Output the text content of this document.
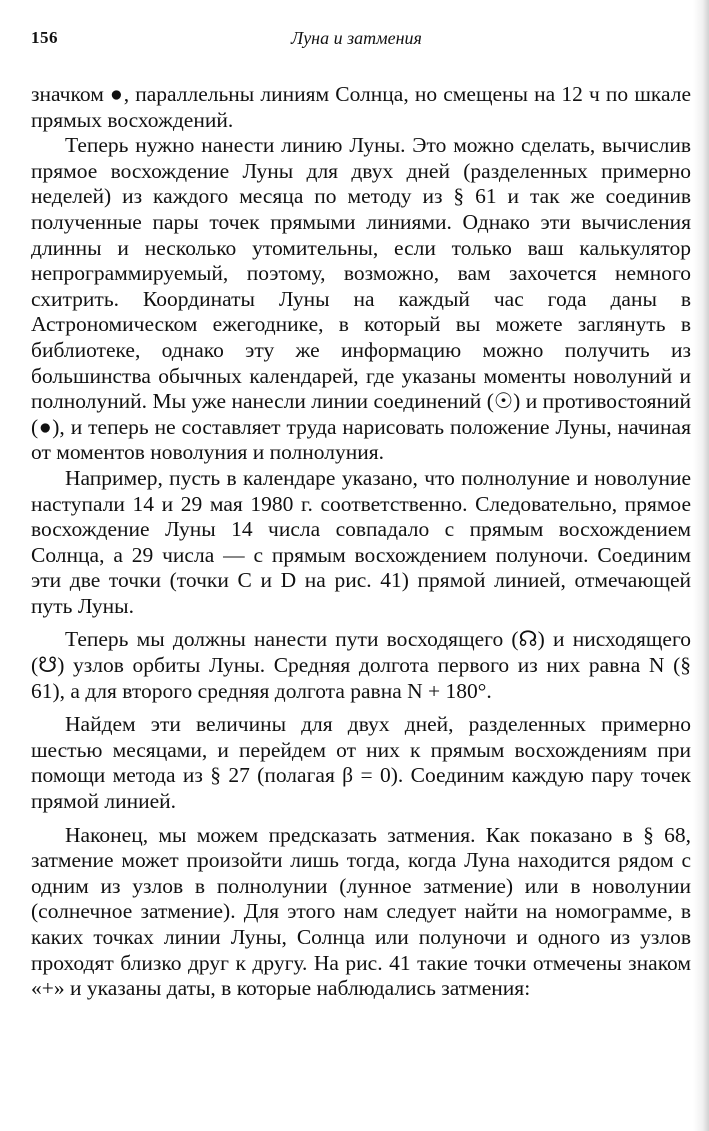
156	Луна и затмения

значком ●, параллельны линиям Солнца, но смещены на 12 ч по шкале прямых восхождений.

Теперь нужно нанести линию Луны. Это можно сделать, вычислив прямое восхождение Луны для двух дней (разделенных примерно неделей) из каждого месяца по методу из § 61 и так же соединив полученные пары точек прямыми линиями. Однако эти вычисления длинны и несколько утомительны, если только ваш калькулятор непрограммируемый, поэтому, возможно, вам захочется немного схитрить. Координаты Луны на каждый час года даны в Астрономическом ежегоднике, в который вы можете заглянуть в библиотеке, однако эту же информацию можно получить из большинства обычных календарей, где указаны моменты новолуний и полнолуний. Мы уже нанесли линии соединений (☉) и противостояний (●), и теперь не составляет труда нарисовать положение Луны, начиная от моментов новолуния и полнолуния.

Например, пусть в календаре указано, что полнолуние и новолуние наступали 14 и 29 мая 1980 г. соответственно. Следовательно, прямое восхождение Луны 14 числа совпадало с прямым восхождением Солнца, а 29 числа — с прямым восхождением полуночи. Соединим эти две точки (точки C и D на рис. 41) прямой линией, отмечающей путь Луны.

Теперь мы должны нанести пути восходящего (☊) и нисходящего (☋) узлов орбиты Луны. Средняя долгота первого из них равна N (§ 61), а для второго средняя долгота равна N + 180°.

Найдем эти величины для двух дней, разделенных примерно шестью месяцами, и перейдем от них к прямым восхождениям при помощи метода из § 27 (полагая β = 0). Соединим каждую пару точек прямой линией.

Наконец, мы можем предсказать затмения. Как показано в § 68, затмение может произойти лишь тогда, когда Луна находится рядом с одним из узлов в полнолунии (лунное затмение) или в новолунии (солнечное затмение). Для этого нам следует найти на номограмме, в каких точках линии Луны, Солнца или полуночи и одного из узлов проходят близко друг к другу. На рис. 41 такие точки отмечены знаком «+» и указаны даты, в которые наблюдались затмения:
